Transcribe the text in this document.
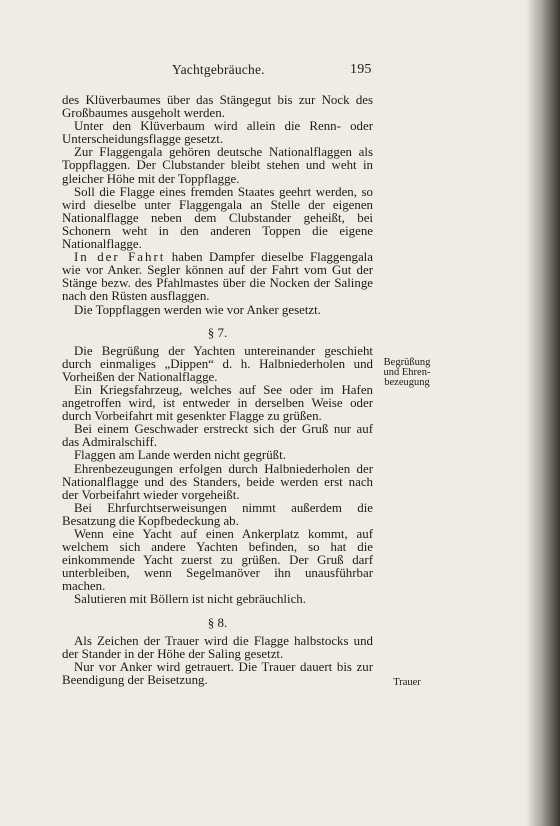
Yachtgebräuche.	195

des Klüverbaumes über das Stängegut bis zur Nock des Großbaumes ausgeholt werden.

Unter den Klüverbaum wird allein die Renn- oder Unterscheidungsflagge gesetzt.

Zur Flaggengala gehören deutsche Nationalflaggen als Toppflaggen. Der Clubstander bleibt stehen und weht in gleicher Höhe mit der Toppflagge.

Soll die Flagge eines fremden Staates geehrt werden, so wird dieselbe unter Flaggengala an Stelle der eigenen Nationalflagge neben dem Clubstander geheißt, bei Schonern weht in den anderen Toppen die eigene Nationalflagge.

In der Fahrt haben Dampfer dieselbe Flaggengala wie vor Anker. Segler können auf der Fahrt vom Gut der Stänge bezw. des Pfahlmastes über die Nocken der Salinge nach den Rüsten ausflaggen.

Die Toppflaggen werden wie vor Anker gesetzt.

§ 7.

Die Begrüßung der Yachten untereinander geschieht durch einmaliges „Dippen“ d. h. Halbniederholen und Vorheißen der Nationalflagge.

Ein Kriegsfahrzeug, welches auf See oder im Hafen angetroffen wird, ist entweder in derselben Weise oder durch Vorbeifahrt mit gesenkter Flagge zu grüßen.

Bei einem Geschwader erstreckt sich der Gruß nur auf das Admiralschiff.

Flaggen am Lande werden nicht gegrüßt.

Ehrenbezeugungen erfolgen durch Halbniederholen der Nationalflagge und des Standers, beide werden erst nach der Vorbeifahrt wieder vorgeheißt.

Bei Ehrfurchtserweisungen nimmt außerdem die Besatzung die Kopfbedeckung ab.

Wenn eine Yacht auf einen Ankerplatz kommt, auf welchem sich andere Yachten befinden, so hat die einkommende Yacht zuerst zu grüßen. Der Gruß darf unterbleiben, wenn Segelmanöver ihn unausführbar machen.

Salutieren mit Böllern ist nicht gebräuchlich.

§ 8.

Als Zeichen der Trauer wird die Flagge halbstocks und der Stander in der Höhe der Saling gesetzt.

Nur vor Anker wird getrauert. Die Trauer dauert bis zur Beendigung der Beisetzung.

Begrüßung
und Ehren-
bezeugung
Trauer
